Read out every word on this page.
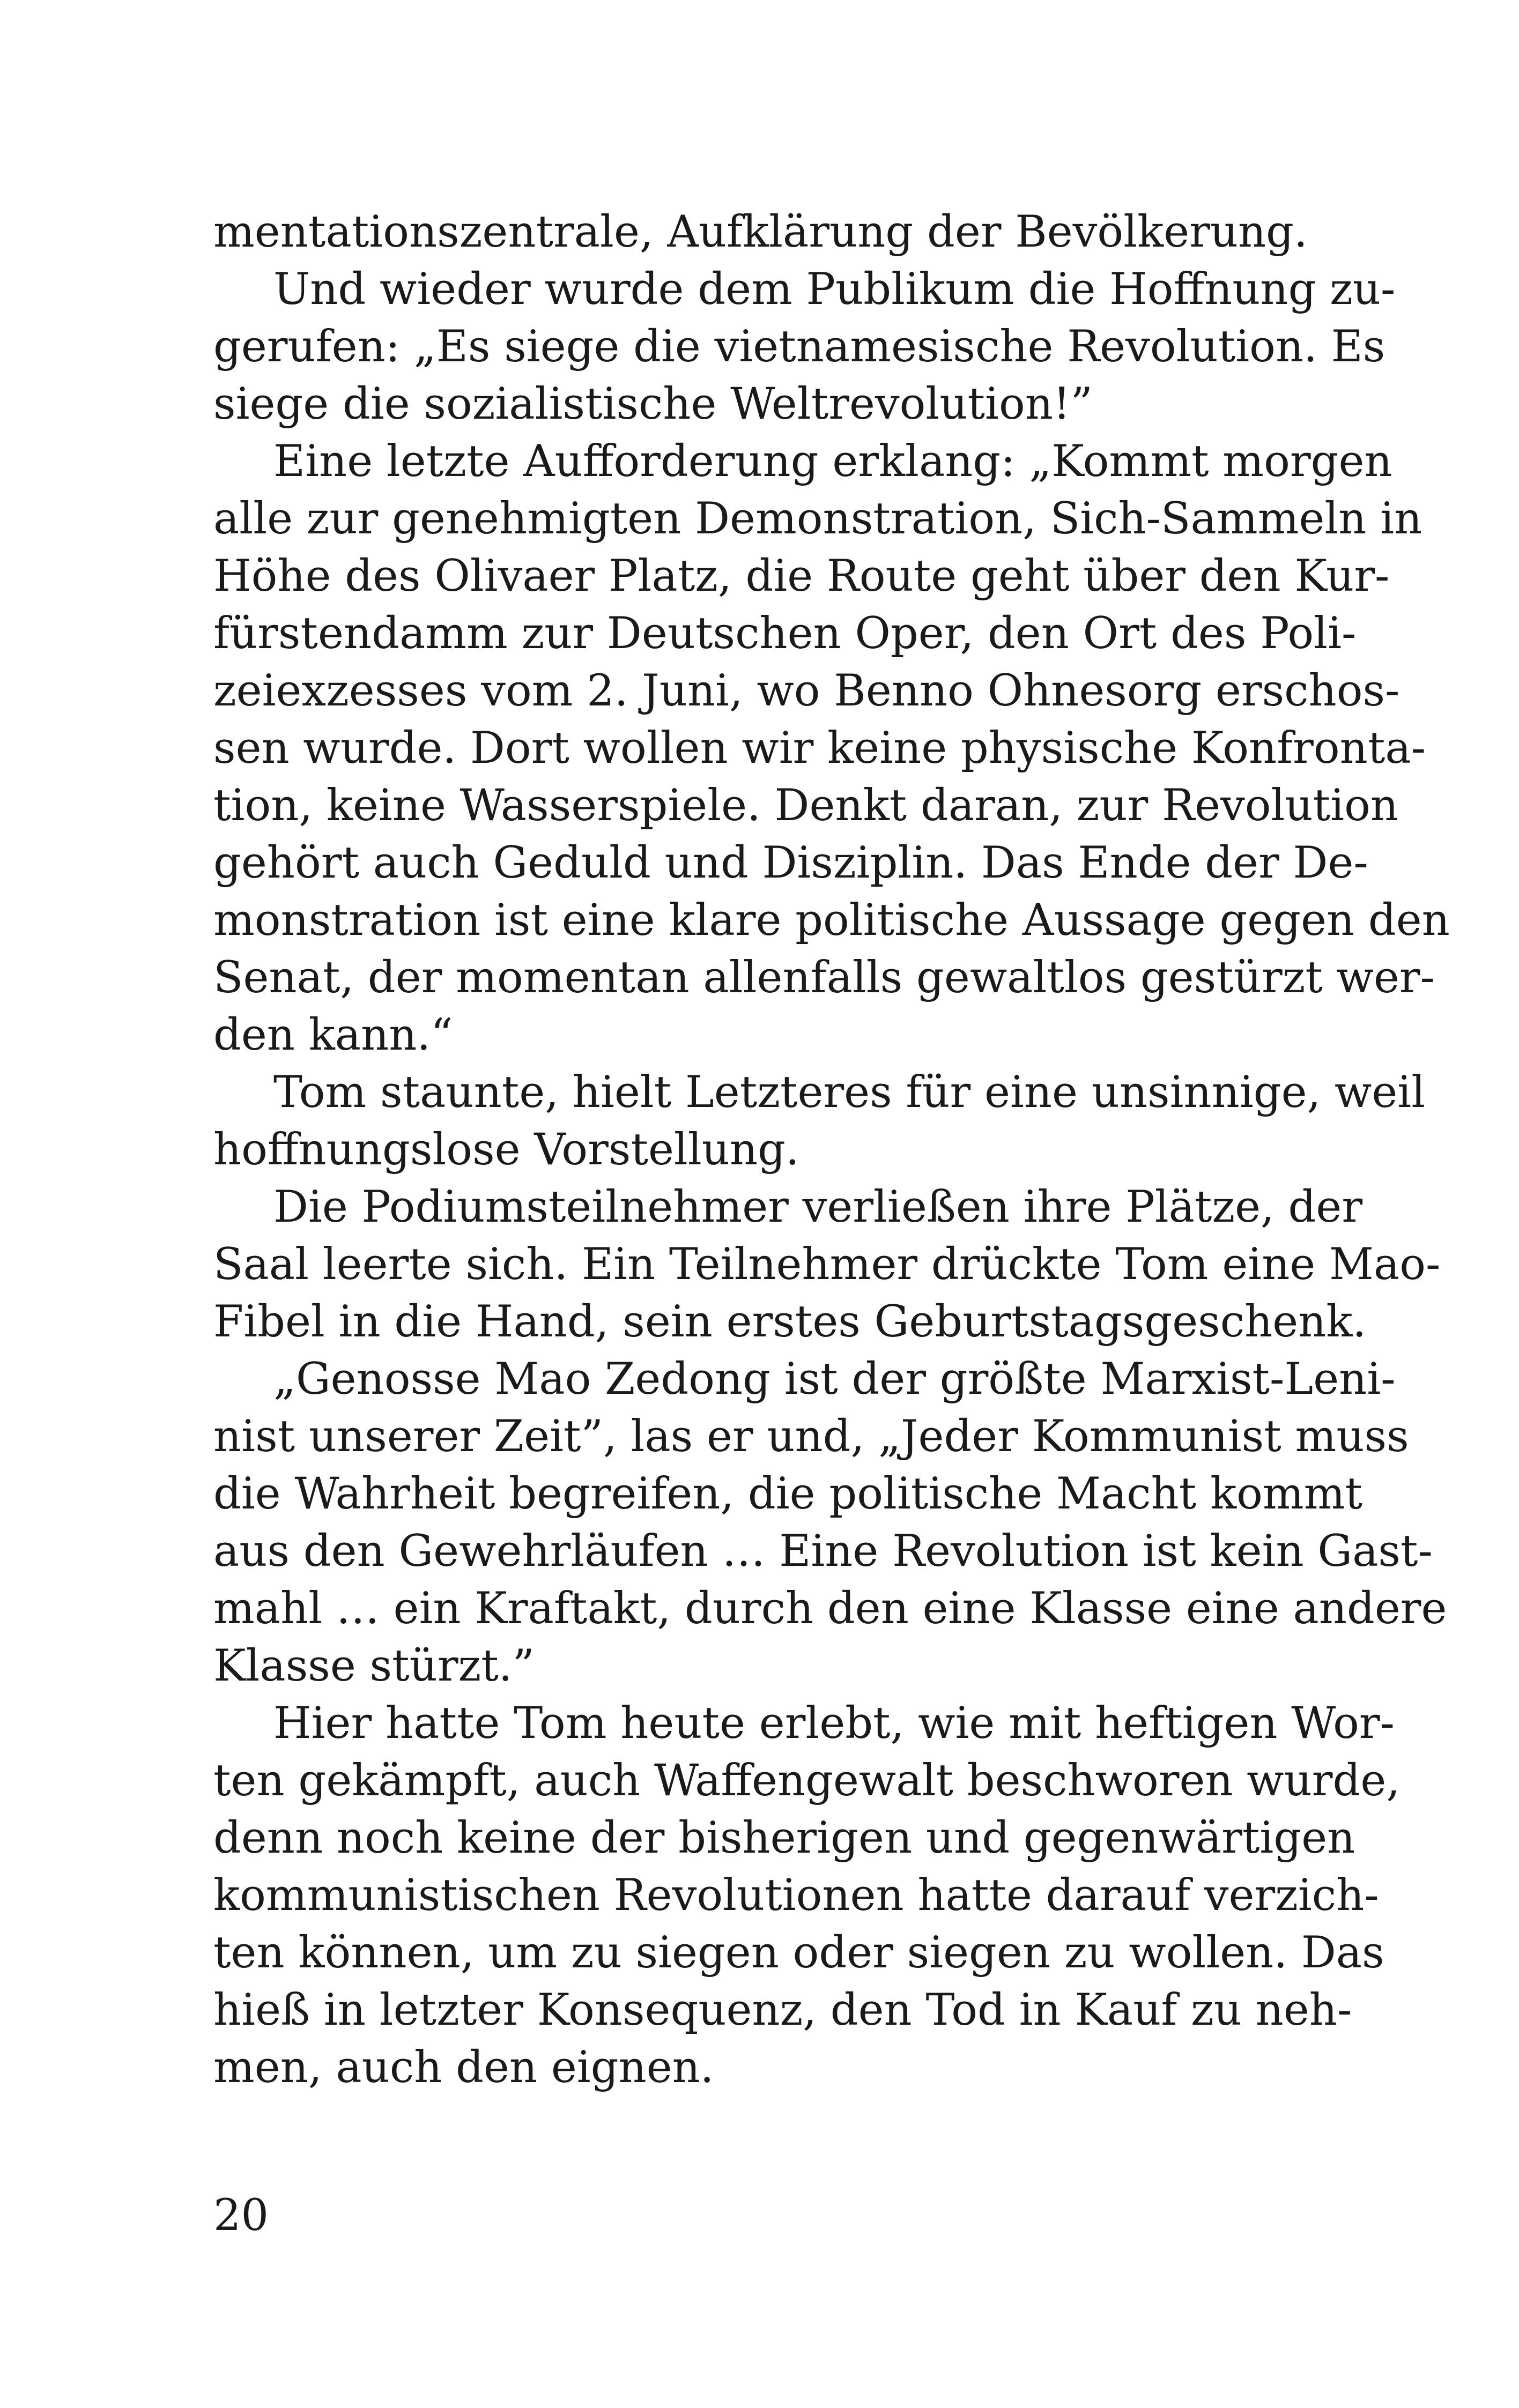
mentationszentrale, Aufklärung der Bevölkerung.
Und wieder wurde dem Publikum die Hoffnung zu-
gerufen: „Es siege die vietnamesische Revolution. Es
siege die sozialistische Weltrevolution!”
Eine letzte Aufforderung erklang: „Kommt morgen
alle zur genehmigten Demonstration, Sich-Sammeln in
Höhe des Olivaer Platz, die Route geht über den Kur-
fürstendamm zur Deutschen Oper, den Ort des Poli-
zeiexzesses vom 2. Juni, wo Benno Ohnesorg erschos-
sen wurde. Dort wollen wir keine physische Konfronta-
tion, keine Wasserspiele. Denkt daran, zur Revolution
gehört auch Geduld und Disziplin. Das Ende der De-
monstration ist eine klare politische Aussage gegen den
Senat, der momentan allenfalls gewaltlos gestürzt wer-
den kann.“
Tom staunte, hielt Letzteres für eine unsinnige, weil
hoffnungslose Vorstellung.
Die Podiumsteilnehmer verließen ihre Plätze, der
Saal leerte sich. Ein Teilnehmer drückte Tom eine Mao-
Fibel in die Hand, sein erstes Geburtstagsgeschenk.
„Genosse Mao Zedong ist der größte Marxist-Leni-
nist unserer Zeit”, las er und, „Jeder Kommunist muss
die Wahrheit begreifen, die politische Macht kommt
aus den Gewehrläufen … Eine Revolution ist kein Gast-
mahl … ein Kraftakt, durch den eine Klasse eine andere
Klasse stürzt.”
Hier hatte Tom heute erlebt, wie mit heftigen Wor-
ten gekämpft, auch Waffengewalt beschworen wurde,
denn noch keine der bisherigen und gegenwärtigen
kommunistischen Revolutionen hatte darauf verzich-
ten können, um zu siegen oder siegen zu wollen. Das
hieß in letzter Konsequenz, den Tod in Kauf zu neh-
men, auch den eignen.
20
